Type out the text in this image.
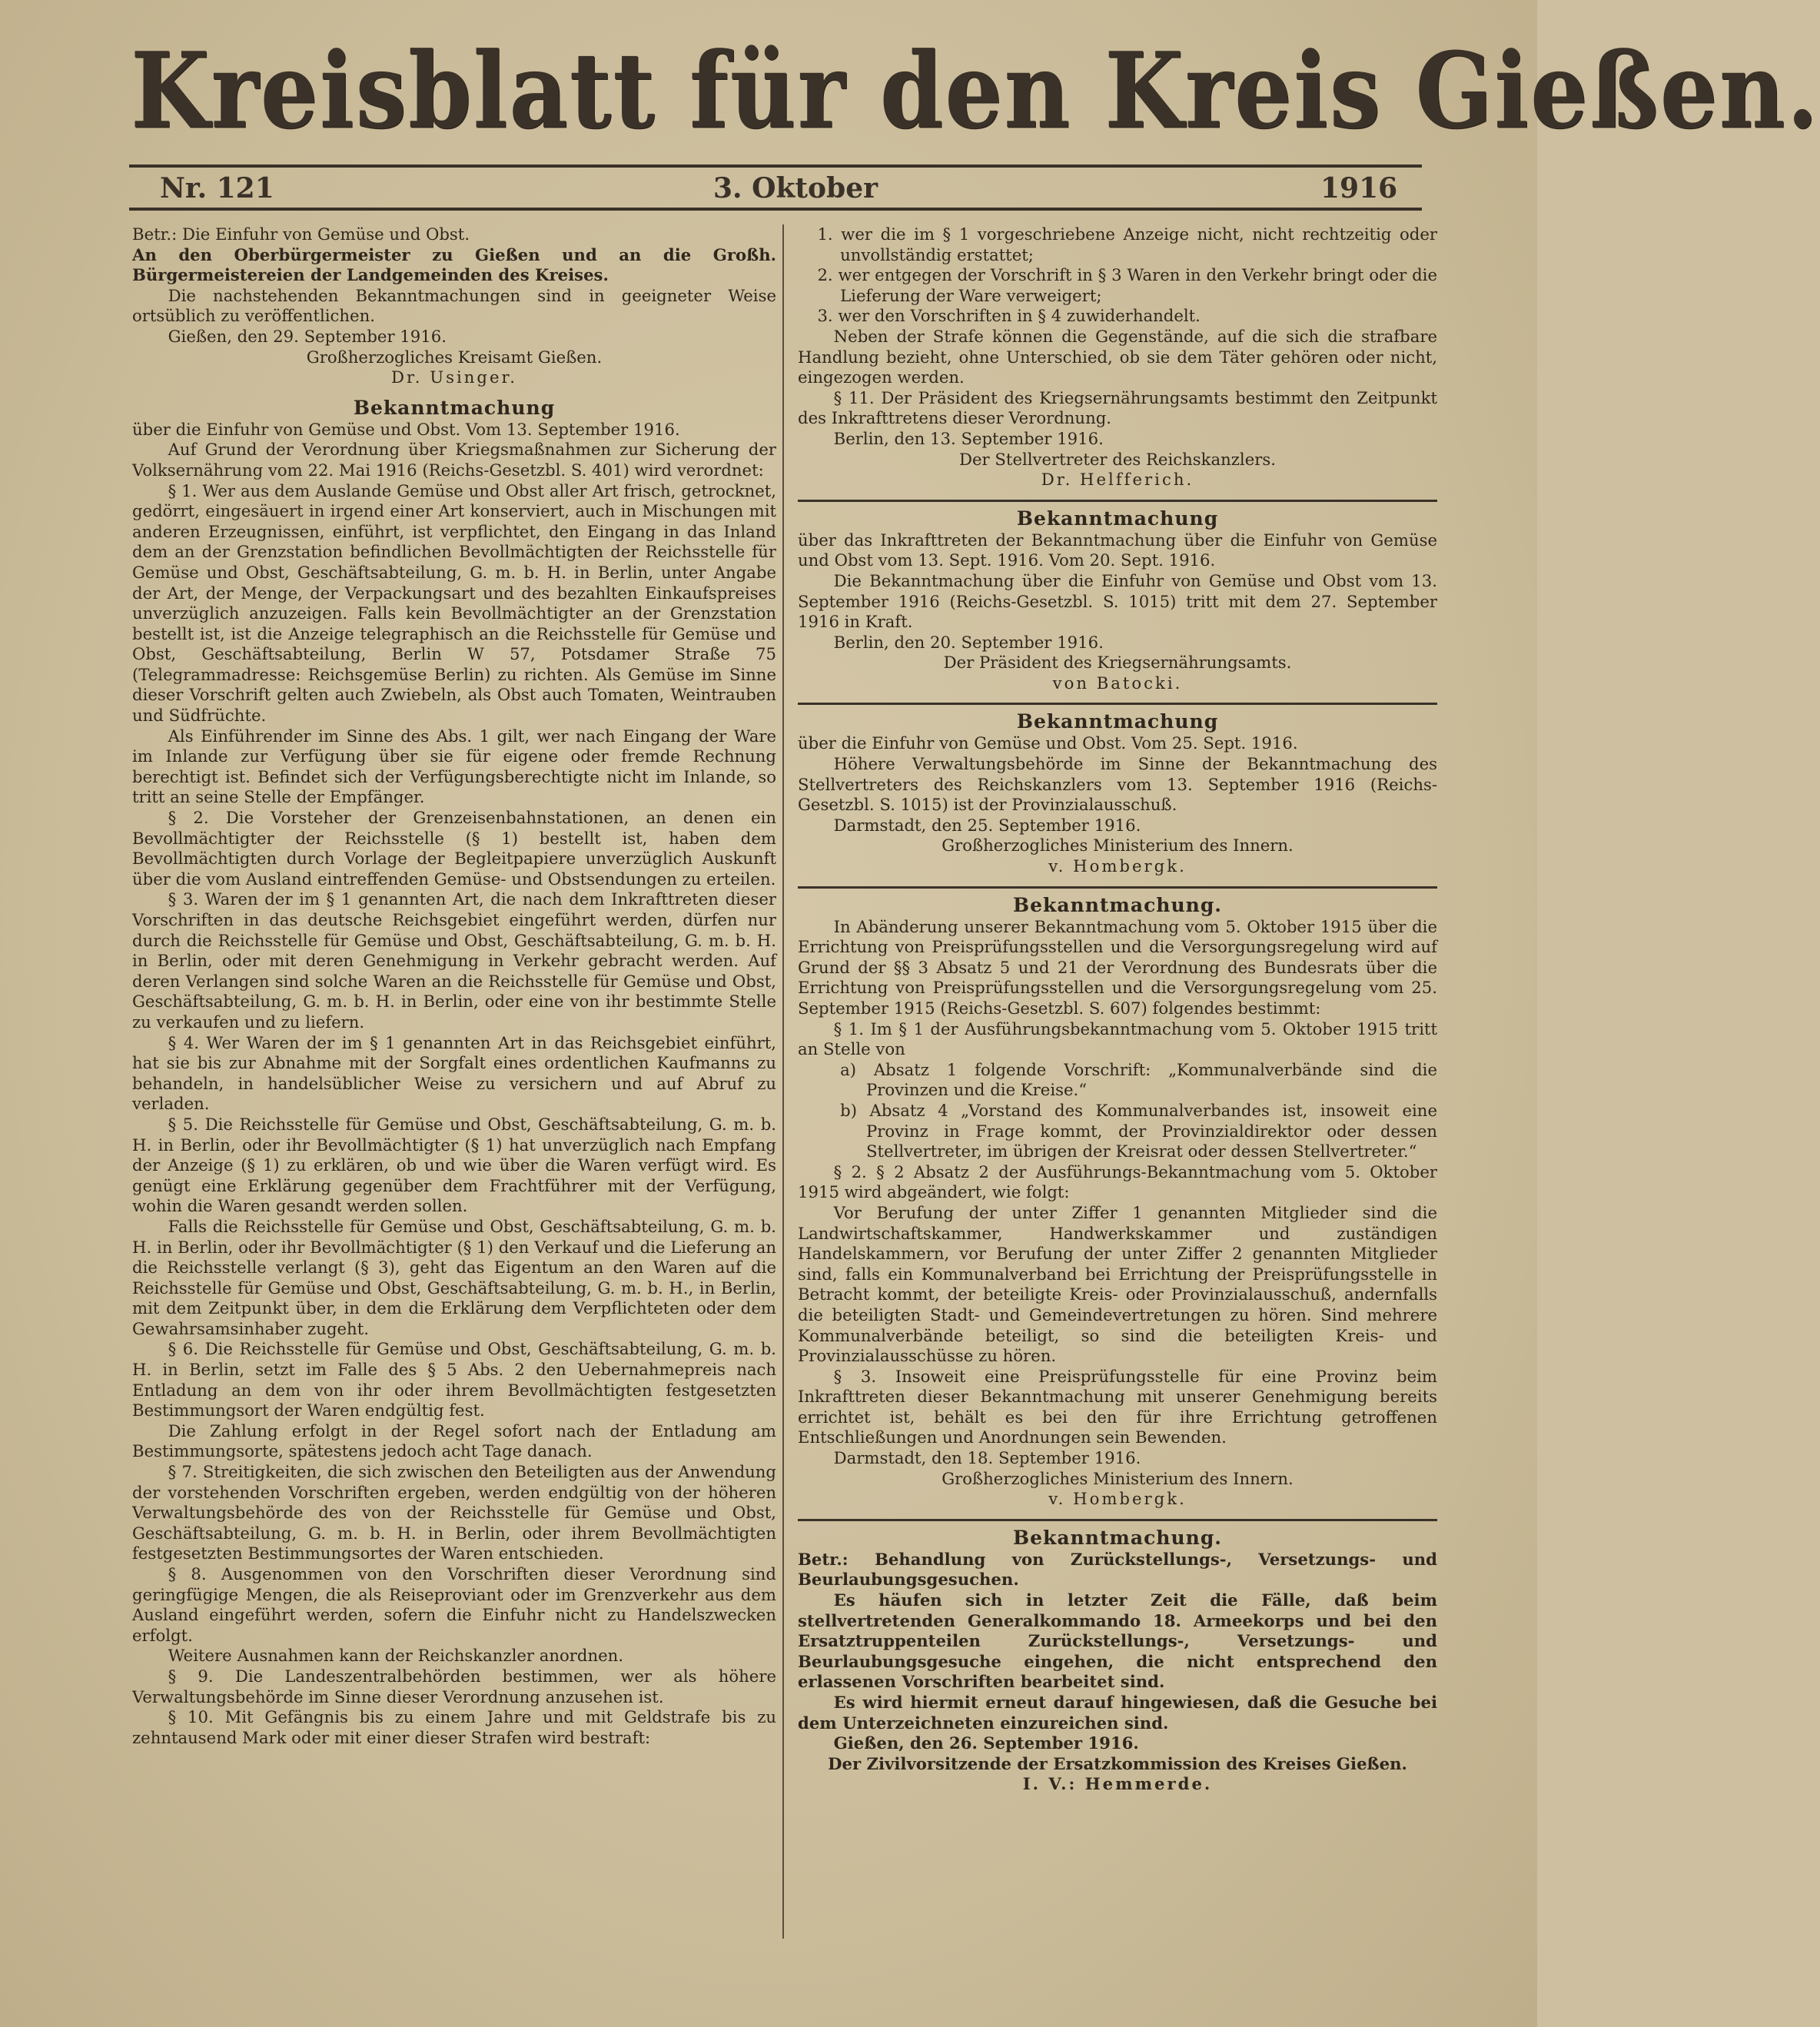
Kreisblatt für den Kreis Gießen.
Nr. 121	3. Oktober	1916

Betr.: Die Einfuhr von Gemüse und Obst.

An den Oberbürgermeister zu Gießen und an die Großh. Bürgermeistereien der Landgemeinden des Kreises.

Die nachstehenden Bekanntmachungen sind in geeigneter Weise ortsüblich zu veröffentlichen.

Gießen, den 29. September 1916.

Großherzogliches Kreisamt Gießen.

Dr. Usinger.

Bekanntmachung

über die Einfuhr von Gemüse und Obst. Vom 13. September 1916.

Auf Grund der Verordnung über Kriegsmaßnahmen zur Sicherung der Volksernährung vom 22. Mai 1916 (Reichs-Gesetzbl. S. 401) wird verordnet:

§ 1. Wer aus dem Auslande Gemüse und Obst aller Art frisch, getrocknet, gedörrt, eingesäuert in irgend einer Art konserviert, auch in Mischungen mit anderen Erzeugnissen, einführt, ist verpflichtet, den Eingang in das Inland dem an der Grenzstation befindlichen Bevollmächtigten der Reichsstelle für Gemüse und Obst, Geschäftsabteilung, G. m. b. H. in Berlin, unter Angabe der Art, der Menge, der Verpackungsart und des bezahlten Einkaufspreises unverzüglich anzuzeigen. Falls kein Bevollmächtigter an der Grenzstation bestellt ist, ist die Anzeige telegraphisch an die Reichsstelle für Gemüse und Obst, Geschäftsabteilung, Berlin W 57, Potsdamer Straße 75 (Telegrammadresse: Reichsgemüse Berlin) zu richten. Als Gemüse im Sinne dieser Vorschrift gelten auch Zwiebeln, als Obst auch Tomaten, Weintrauben und Südfrüchte.

Als Einführender im Sinne des Abs. 1 gilt, wer nach Eingang der Ware im Inlande zur Verfügung über sie für eigene oder fremde Rechnung berechtigt ist. Befindet sich der Verfügungsberechtigte nicht im Inlande, so tritt an seine Stelle der Empfänger.

§ 2. Die Vorsteher der Grenzeisenbahnstationen, an denen ein Bevollmächtigter der Reichsstelle (§ 1) bestellt ist, haben dem Bevollmächtigten durch Vorlage der Begleitpapiere unverzüglich Auskunft über die vom Ausland eintreffenden Gemüse- und Obstsendungen zu erteilen.

§ 3. Waren der im § 1 genannten Art, die nach dem Inkrafttreten dieser Vorschriften in das deutsche Reichsgebiet eingeführt werden, dürfen nur durch die Reichsstelle für Gemüse und Obst, Geschäftsabteilung, G. m. b. H. in Berlin, oder mit deren Genehmigung in Verkehr gebracht werden. Auf deren Verlangen sind solche Waren an die Reichsstelle für Gemüse und Obst, Geschäftsabteilung, G. m. b. H. in Berlin, oder eine von ihr bestimmte Stelle zu verkaufen und zu liefern.

§ 4. Wer Waren der im § 1 genannten Art in das Reichsgebiet einführt, hat sie bis zur Abnahme mit der Sorgfalt eines ordentlichen Kaufmanns zu behandeln, in handelsüblicher Weise zu versichern und auf Abruf zu verladen.

§ 5. Die Reichsstelle für Gemüse und Obst, Geschäftsabteilung, G. m. b. H. in Berlin, oder ihr Bevollmächtigter (§ 1) hat unverzüglich nach Empfang der Anzeige (§ 1) zu erklären, ob und wie über die Waren verfügt wird. Es genügt eine Erklärung gegenüber dem Frachtführer mit der Verfügung, wohin die Waren gesandt werden sollen.

Falls die Reichsstelle für Gemüse und Obst, Geschäftsabteilung, G. m. b. H. in Berlin, oder ihr Bevollmächtigter (§ 1) den Verkauf und die Lieferung an die Reichsstelle verlangt (§ 3), geht das Eigentum an den Waren auf die Reichsstelle für Gemüse und Obst, Geschäftsabteilung, G. m. b. H., in Berlin, mit dem Zeitpunkt über, in dem die Erklärung dem Verpflichteten oder dem Gewahrsamsinhaber zugeht.

§ 6. Die Reichsstelle für Gemüse und Obst, Geschäftsabteilung, G. m. b. H. in Berlin, setzt im Falle des § 5 Abs. 2 den Uebernahmepreis nach Entladung an dem von ihr oder ihrem Bevollmächtigten festgesetzten Bestimmungsort der Waren endgültig fest.

Die Zahlung erfolgt in der Regel sofort nach der Entladung am Bestimmungsorte, spätestens jedoch acht Tage danach.

§ 7. Streitigkeiten, die sich zwischen den Beteiligten aus der Anwendung der vorstehenden Vorschriften ergeben, werden endgültig von der höheren Verwaltungsbehörde des von der Reichsstelle für Gemüse und Obst, Geschäftsabteilung, G. m. b. H. in Berlin, oder ihrem Bevollmächtigten festgesetzten Bestimmungsortes der Waren entschieden.

§ 8. Ausgenommen von den Vorschriften dieser Verordnung sind geringfügige Mengen, die als Reiseproviant oder im Grenzverkehr aus dem Ausland eingeführt werden, sofern die Einfuhr nicht zu Handelszwecken erfolgt.

Weitere Ausnahmen kann der Reichskanzler anordnen.

§ 9. Die Landeszentralbehörden bestimmen, wer als höhere Verwaltungsbehörde im Sinne dieser Verordnung anzusehen ist.

§ 10. Mit Gefängnis bis zu einem Jahre und mit Geldstrafe bis zu zehntausend Mark oder mit einer dieser Strafen wird bestraft:

1. wer die im § 1 vorgeschriebene Anzeige nicht, nicht rechtzeitig oder unvollständig erstattet;

2. wer entgegen der Vorschrift in § 3 Waren in den Verkehr bringt oder die Lieferung der Ware verweigert;

3. wer den Vorschriften in § 4 zuwiderhandelt.

Neben der Strafe können die Gegenstände, auf die sich die strafbare Handlung bezieht, ohne Unterschied, ob sie dem Täter gehören oder nicht, eingezogen werden.

§ 11. Der Präsident des Kriegsernährungsamts bestimmt den Zeitpunkt des Inkrafttretens dieser Verordnung.

Berlin, den 13. September 1916.

Der Stellvertreter des Reichskanzlers.

Dr. Helfferich.

Bekanntmachung

über das Inkrafttreten der Bekanntmachung über die Einfuhr von Gemüse und Obst vom 13. Sept. 1916. Vom 20. Sept. 1916.

Die Bekanntmachung über die Einfuhr von Gemüse und Obst vom 13. September 1916 (Reichs-Gesetzbl. S. 1015) tritt mit dem 27. September 1916 in Kraft.

Berlin, den 20. September 1916.

Der Präsident des Kriegsernährungsamts.

von Batocki.

Bekanntmachung

über die Einfuhr von Gemüse und Obst. Vom 25. Sept. 1916.

Höhere Verwaltungsbehörde im Sinne der Bekanntmachung des Stellvertreters des Reichskanzlers vom 13. September 1916 (Reichs-Gesetzbl. S. 1015) ist der Provinzialausschuß.

Darmstadt, den 25. September 1916.

Großherzogliches Ministerium des Innern.

v. Hombergk.

Bekanntmachung.

In Abänderung unserer Bekanntmachung vom 5. Oktober 1915 über die Errichtung von Preisprüfungsstellen und die Versorgungsregelung wird auf Grund der §§ 3 Absatz 5 und 21 der Verordnung des Bundesrats über die Errichtung von Preisprüfungsstellen und die Versorgungsregelung vom 25. September 1915 (Reichs-Gesetzbl. S. 607) folgendes bestimmt:

§ 1. Im § 1 der Ausführungsbekanntmachung vom 5. Oktober 1915 tritt an Stelle von

a) Absatz 1 folgende Vorschrift: „Kommunalverbände sind die Provinzen und die Kreise.“

b) Absatz 4 „Vorstand des Kommunalverbandes ist, insoweit eine Provinz in Frage kommt, der Provinzialdirektor oder dessen Stellvertreter, im übrigen der Kreisrat oder dessen Stellvertreter.“

§ 2. § 2 Absatz 2 der Ausführungs-Bekanntmachung vom 5. Oktober 1915 wird abgeändert, wie folgt:

Vor Berufung der unter Ziffer 1 genannten Mitglieder sind die Landwirtschaftskammer, Handwerkskammer und zuständigen Handelskammern, vor Berufung der unter Ziffer 2 genannten Mitglieder sind, falls ein Kommunalverband bei Errichtung der Preisprüfungsstelle in Betracht kommt, der beteiligte Kreis- oder Provinzialausschuß, andernfalls die beteiligten Stadt- und Gemeindevertretungen zu hören. Sind mehrere Kommunalverbände beteiligt, so sind die beteiligten Kreis- und Provinzialausschüsse zu hören.

§ 3. Insoweit eine Preisprüfungsstelle für eine Provinz beim Inkrafttreten dieser Bekanntmachung mit unserer Genehmigung bereits errichtet ist, behält es bei den für ihre Errichtung getroffenen Entschließungen und Anordnungen sein Bewenden.

Darmstadt, den 18. September 1916.

Großherzogliches Ministerium des Innern.

v. Hombergk.

Bekanntmachung.

Betr.: Behandlung von Zurückstellungs-, Versetzungs- und Beurlaubungsgesuchen.

Es häufen sich in letzter Zeit die Fälle, daß beim stellvertretenden Generalkommando 18. Armeekorps und bei den Ersatztruppenteilen Zurückstellungs-, Versetzungs- und Beurlaubungsgesuche eingehen, die nicht entsprechend den erlassenen Vorschriften bearbeitet sind.

Es wird hiermit erneut darauf hingewiesen, daß die Gesuche bei dem Unterzeichneten einzureichen sind.

Gießen, den 26. September 1916.

Der Zivilvorsitzende der Ersatzkommission des Kreises Gießen.

I. V.: Hemmerde.
